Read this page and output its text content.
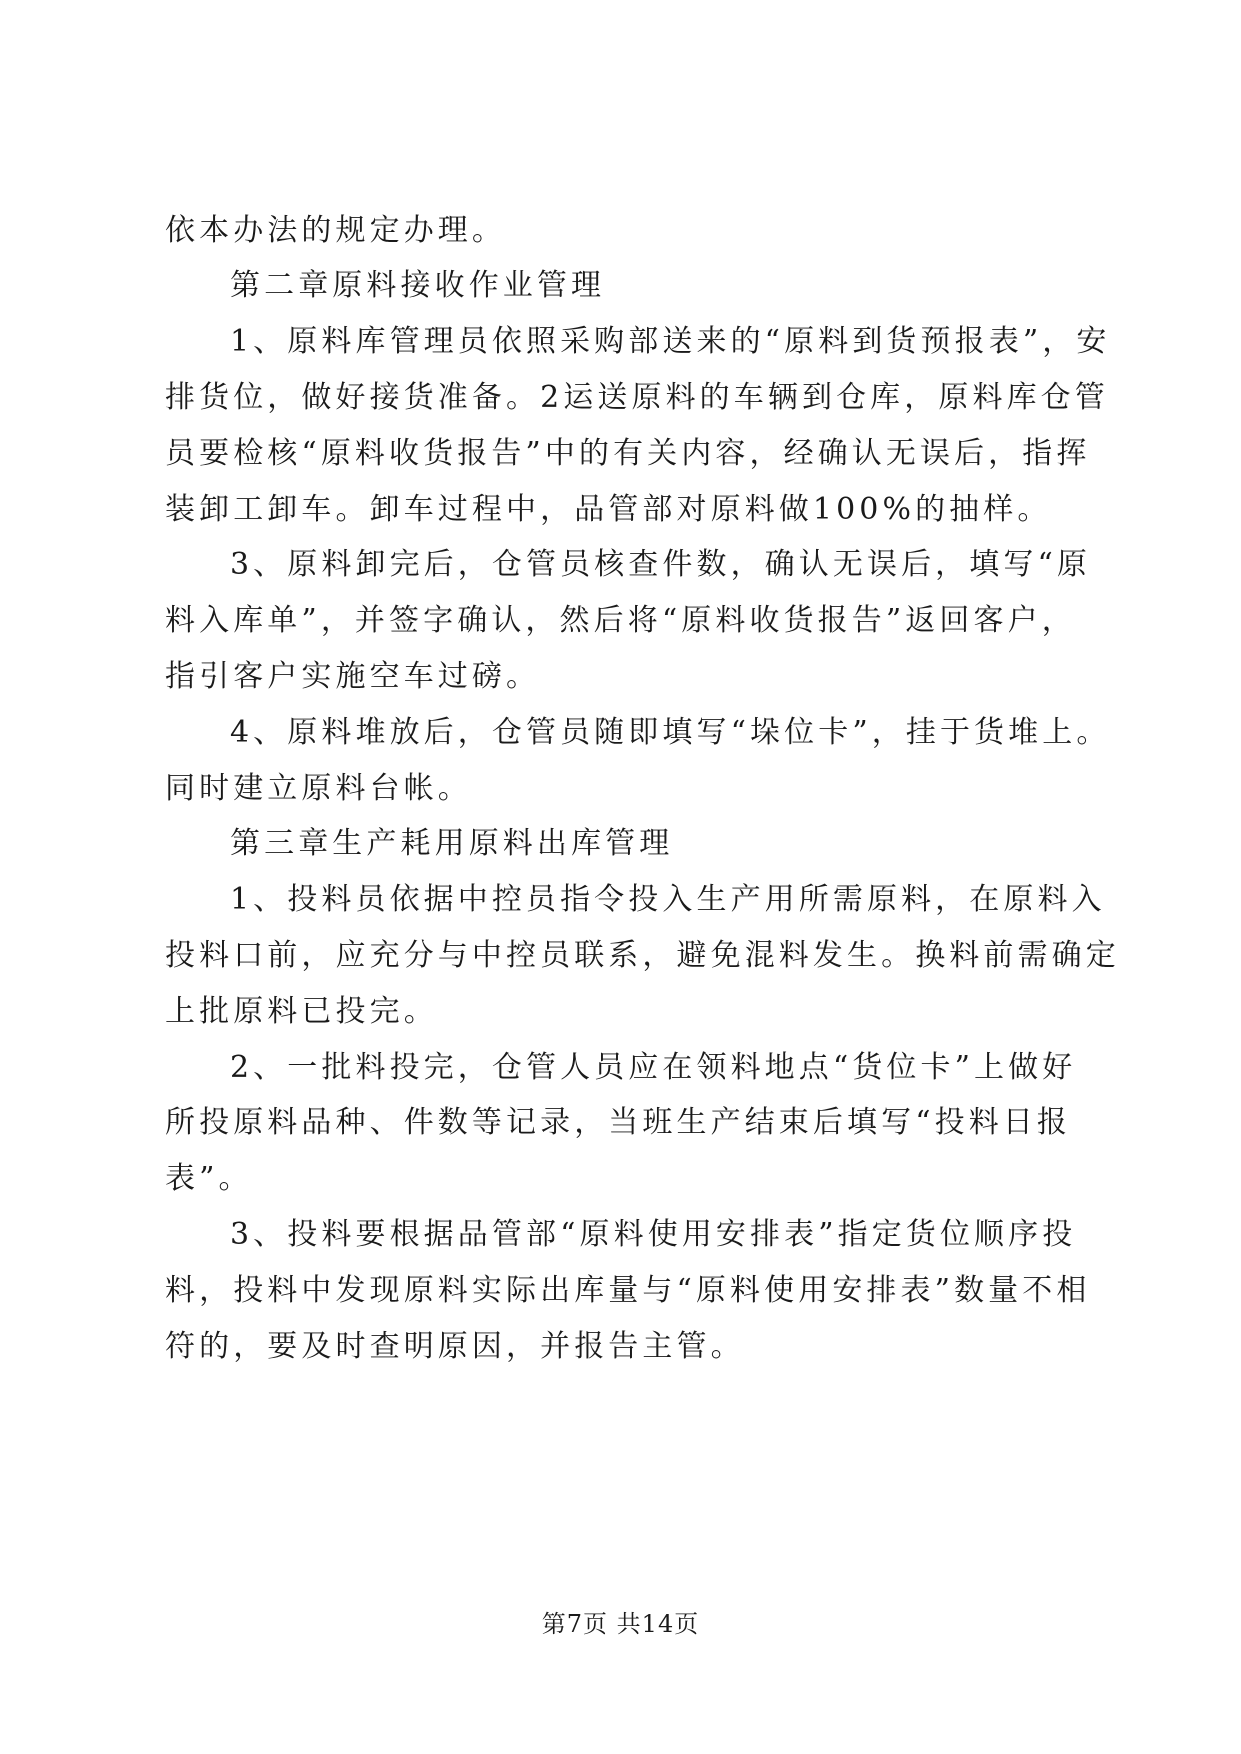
依本办法的规定办理。
第二章原料接收作业管理
1、原料库管理员依照采购部送来的“原料到货预报表”，安
排货位，做好接货准备。2运送原料的车辆到仓库，原料库仓管
员要检核“原料收货报告”中的有关内容，经确认无误后，指挥
装卸工卸车。卸车过程中，品管部对原料做100%的抽样。
3、原料卸完后，仓管员核查件数，确认无误后，填写“原
料入库单”，并签字确认，然后将“原料收货报告”返回客户，
指引客户实施空车过磅。
4、原料堆放后，仓管员随即填写“垛位卡”，挂于货堆上。
同时建立原料台帐。
第三章生产耗用原料出库管理
1、投料员依据中控员指令投入生产用所需原料，在原料入
投料口前，应充分与中控员联系，避免混料发生。换料前需确定
上批原料已投完。
2、一批料投完，仓管人员应在领料地点“货位卡”上做好
所投原料品种、件数等记录，当班生产结束后填写“投料日报
表”。
3、投料要根据品管部“原料使用安排表”指定货位顺序投
料，投料中发现原料实际出库量与“原料使用安排表”数量不相
符的，要及时查明原因，并报告主管。
第7页 共14页
